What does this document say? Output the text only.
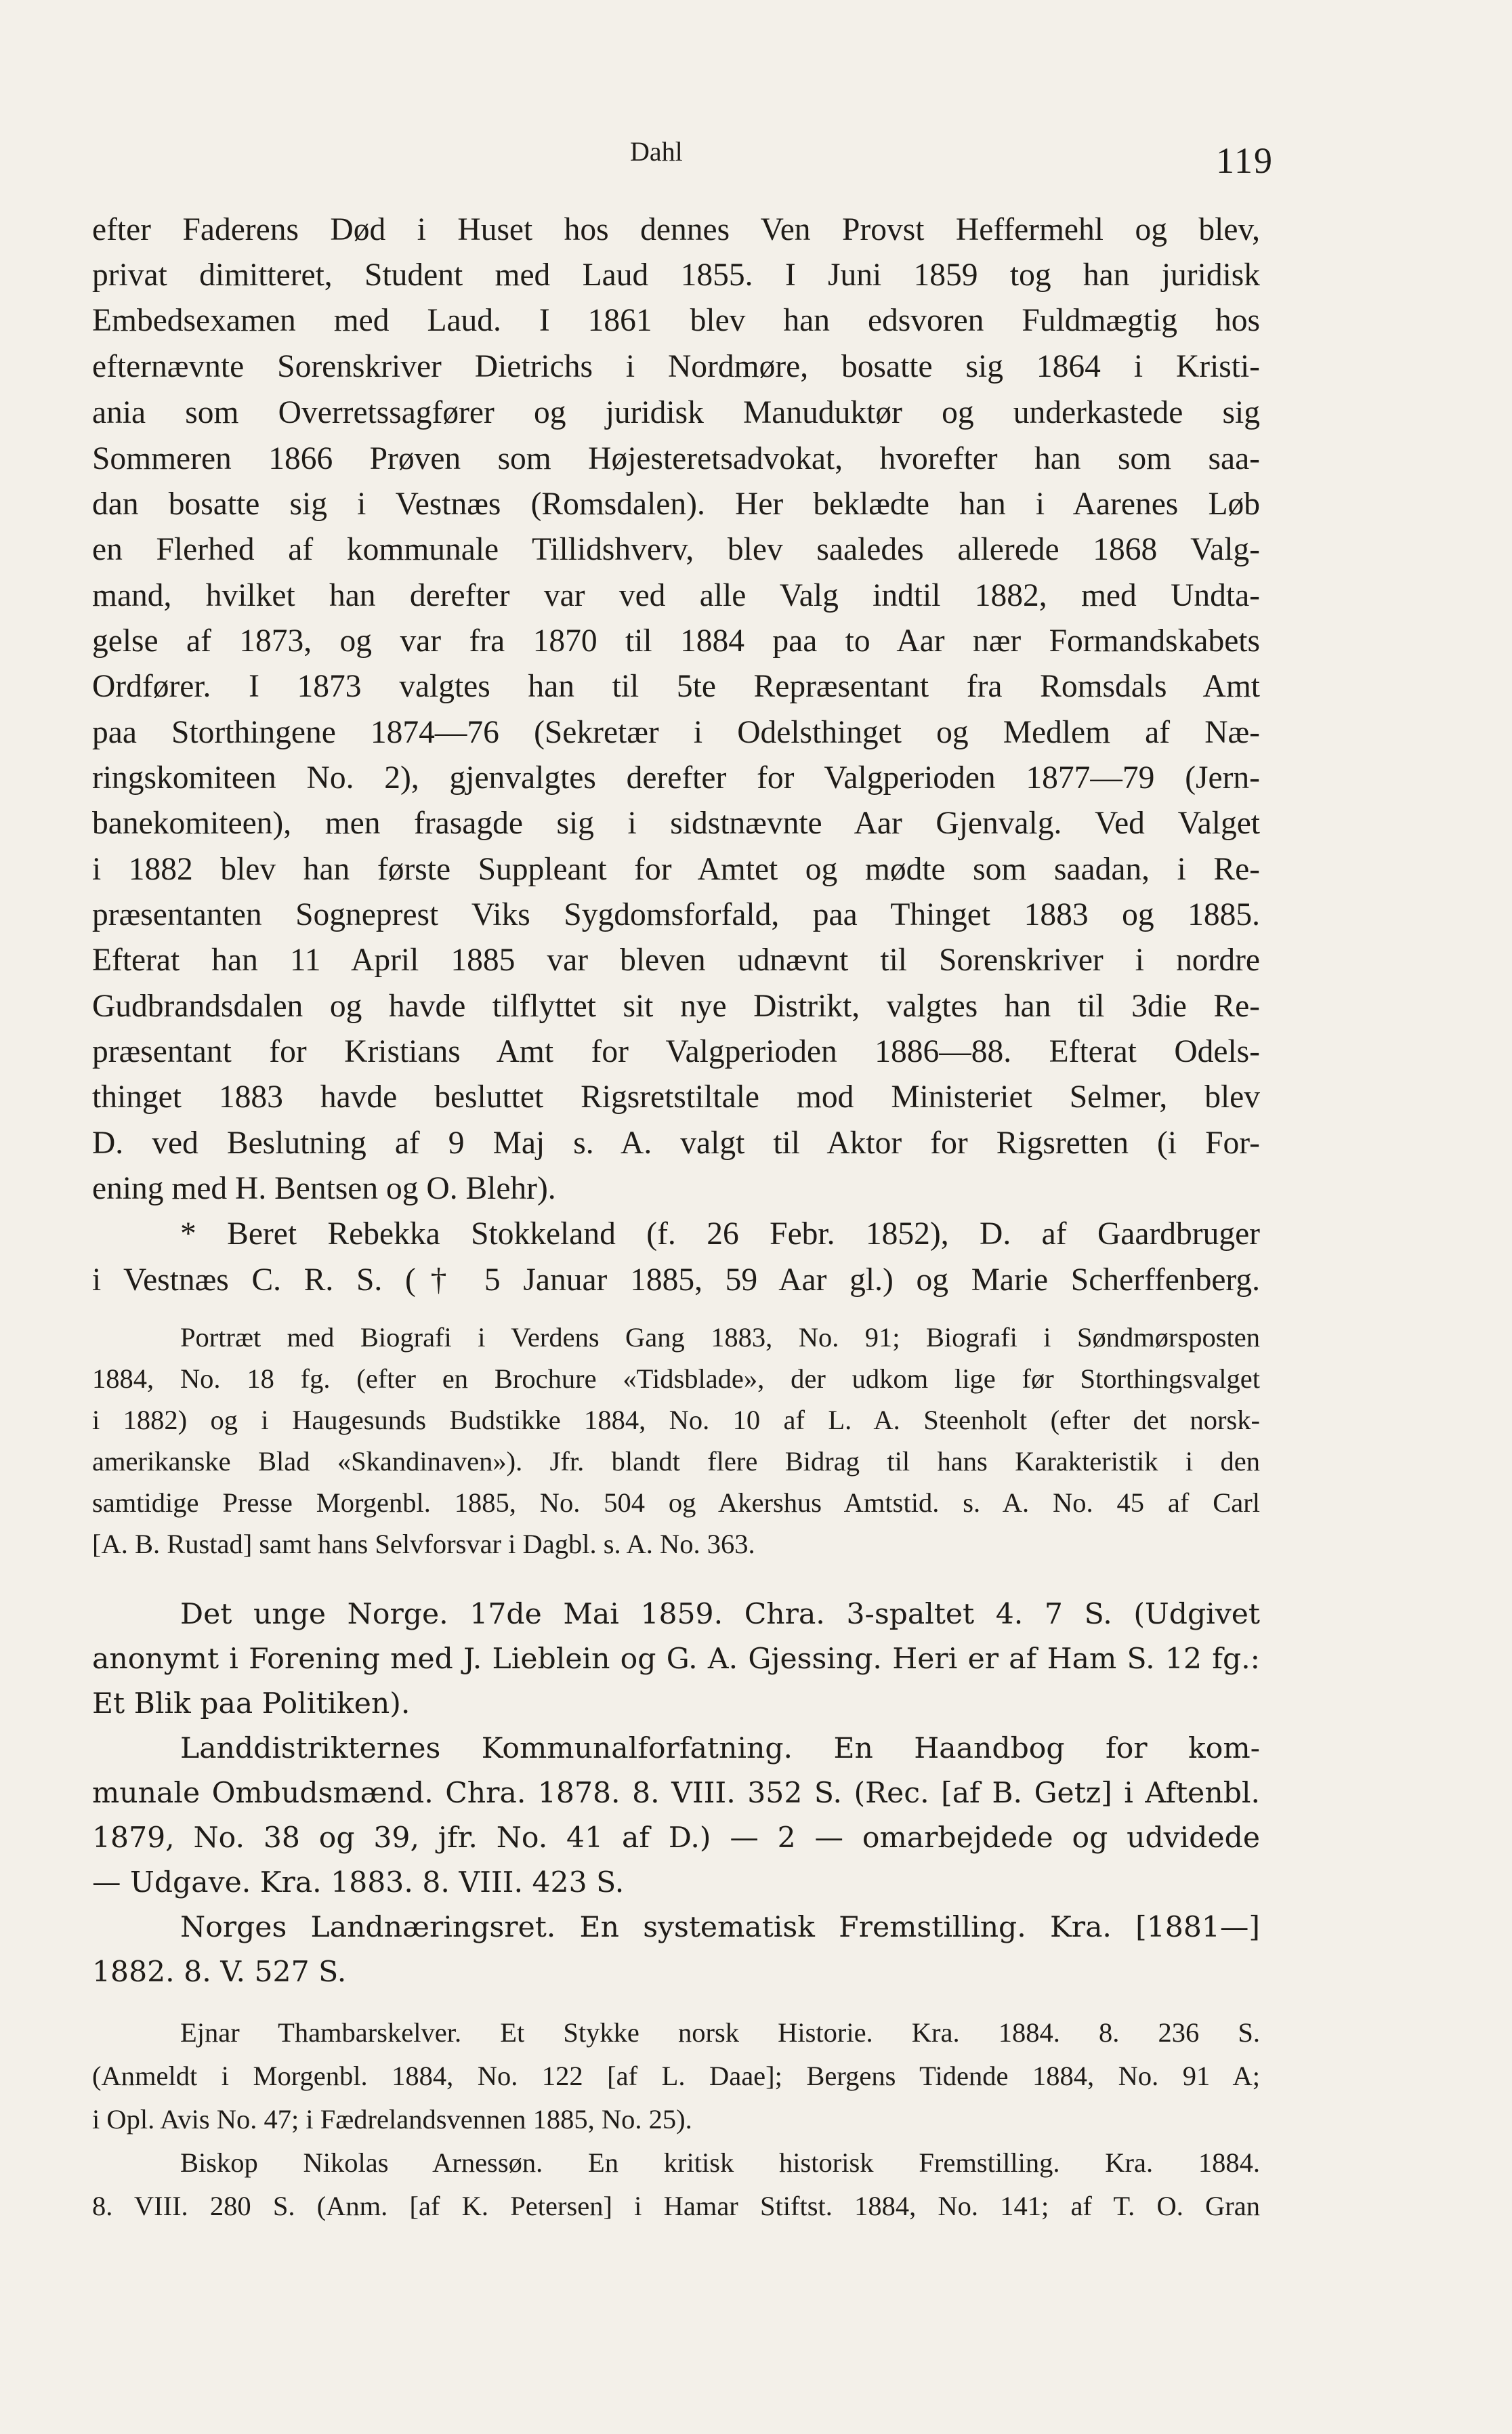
Dahl	119
efter Faderens Død i Huset hos dennes Ven Provst Heffermehl og blev,
privat dimitteret, Student med Laud 1855. I Juni 1859 tog han juridisk
Embedsexamen med Laud. I 1861 blev han edsvoren Fuldmægtig hos
efternævnte Sorenskriver Dietrichs i Nordmøre, bosatte sig 1864 i Kristi-
ania som Overretssagfører og juridisk Manuduktør og underkastede sig
Sommeren 1866 Prøven som Højesteretsadvokat, hvorefter han som saa-
dan bosatte sig i Vestnæs (Romsdalen). Her beklædte han i Aarenes Løb
en Flerhed af kommunale Tillidshverv, blev saaledes allerede 1868 Valg-
mand, hvilket han derefter var ved alle Valg indtil 1882, med Undta-
gelse af 1873, og var fra 1870 til 1884 paa to Aar nær Formandskabets
Ordfører. I 1873 valgtes han til 5te Repræsentant fra Romsdals Amt
paa Storthingene 1874—76 (Sekretær i Odelsthinget og Medlem af Næ-
ringskomiteen No. 2), gjenvalgtes derefter for Valgperioden 1877—79 (Jern-
banekomiteen), men frasagde sig i sidstnævnte Aar Gjenvalg. Ved Valget
i 1882 blev han første Suppleant for Amtet og mødte som saadan, i Re-
præsentanten Sogneprest Viks Sygdomsforfald, paa Thinget 1883 og 1885.
Efterat han 11 April 1885 var bleven udnævnt til Sorenskriver i nordre
Gudbrandsdalen og havde tilflyttet sit nye Distrikt, valgtes han til 3die Re-
præsentant for Kristians Amt for Valgperioden 1886—88. Efterat Odels-
thinget 1883 havde besluttet Rigsretstiltale mod Ministeriet Selmer, blev
D. ved Beslutning af 9 Maj s. A. valgt til Aktor for Rigsretten (i For-
ening med H. Bentsen og O. Blehr).
* Beret Rebekka Stokkeland (f. 26 Febr. 1852), D. af Gaardbruger
i Vestnæs C. R. S. († 5 Januar 1885, 59 Aar gl.) og Marie Scherffenberg.
Portræt med Biografi i Verdens Gang 1883, No. 91; Biografi i Søndmørsposten
1884, No. 18 fg. (efter en Brochure «Tidsblade», der udkom lige før Storthingsvalget
i 1882) og i Haugesunds Budstikke 1884, No. 10 af L. A. Steenholt (efter det norsk-
amerikanske Blad «Skandinaven»). Jfr. blandt flere Bidrag til hans Karakteristik i den
samtidige Presse Morgenbl. 1885, No. 504 og Akershus Amtstid. s. A. No. 45 af Carl
[A. B. Rustad] samt hans Selvforsvar i Dagbl. s. A. No. 363.
Det unge Norge. 17de Mai 1859. Chra. 3-spaltet 4. 7 S. (Udgivet
anonymt i Forening med J. Lieblein og G. A. Gjessing. Heri er af Ham S. 12 fg.:
Et Blik paa Politiken).
Landdistrikternes Kommunalforfatning. En Haandbog for kom-
munale Ombudsmænd. Chra. 1878. 8. VIII. 352 S. (Rec. [af B. Getz] i Aftenbl.
1879, No. 38 og 39, jfr. No. 41 af D.) — 2 — omarbejdede og udvidede
— Udgave. Kra. 1883. 8. VIII. 423 S.
Norges Landnæringsret. En systematisk Fremstilling. Kra. [1881—]
1882. 8. V. 527 S.
Ejnar Thambarskelver. Et Stykke norsk Historie. Kra. 1884. 8. 236 S.
(Anmeldt i Morgenbl. 1884, No. 122 [af L. Daae]; Bergens Tidende 1884, No. 91 A;
i Opl. Avis No. 47; i Fædrelandsvennen 1885, No. 25).
Biskop Nikolas Arnessøn. En kritisk historisk Fremstilling. Kra. 1884.
8. VIII. 280 S. (Anm. [af K. Petersen] i Hamar Stiftst. 1884, No. 141; af T. O. Gran
